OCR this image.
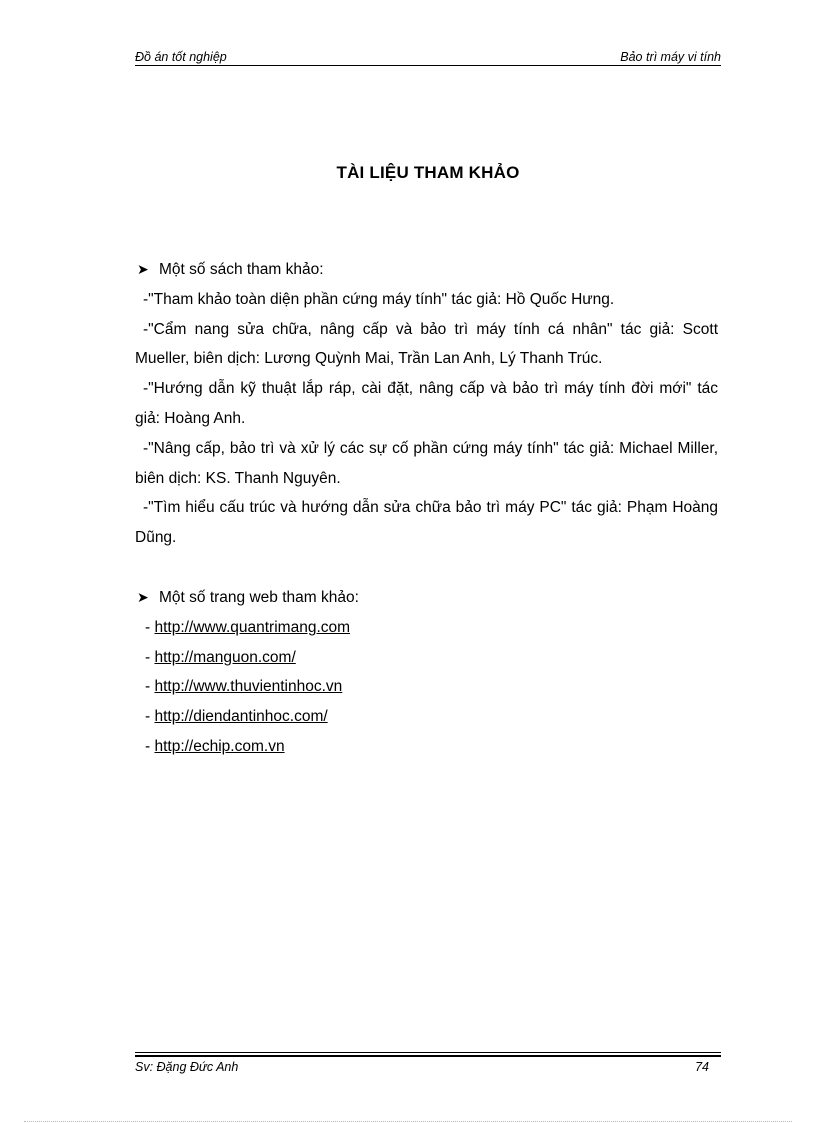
Đồ án tốt nghiệp	Bảo trì máy vi tính
TÀI LIỆU THAM KHẢO
➤ Một số sách tham khảo:
-"Tham khảo toàn diện phần cứng máy tính" tác giả: Hồ Quốc Hưng.
-"Cẩm nang sửa chữa, nâng cấp và bảo trì máy tính cá nhân" tác giả: Scott Mueller, biên dịch: Lương Quỳnh Mai, Trần Lan Anh, Lý Thanh Trúc.
-"Hướng dẫn kỹ thuật lắp ráp, cài đặt, nâng cấp và bảo trì máy tính đời mới" tác giả: Hoàng Anh.
-"Nâng cấp, bảo trì và xử lý các sự cố phần cứng máy tính" tác giả: Michael Miller, biên dịch: KS. Thanh Nguyên.
-"Tìm hiểu cấu trúc và hướng dẫn sửa chữa bảo trì máy PC" tác giả: Phạm Hoàng Dũng.
➤ Một số trang web tham khảo:
- http://www.quantrimang.com
- http://manguon.com/
- http://www.thuvientinhoc.vn
- http://diendantinhoc.com/
- http://echip.com.vn
Sv: Đặng Đức Anh	74
